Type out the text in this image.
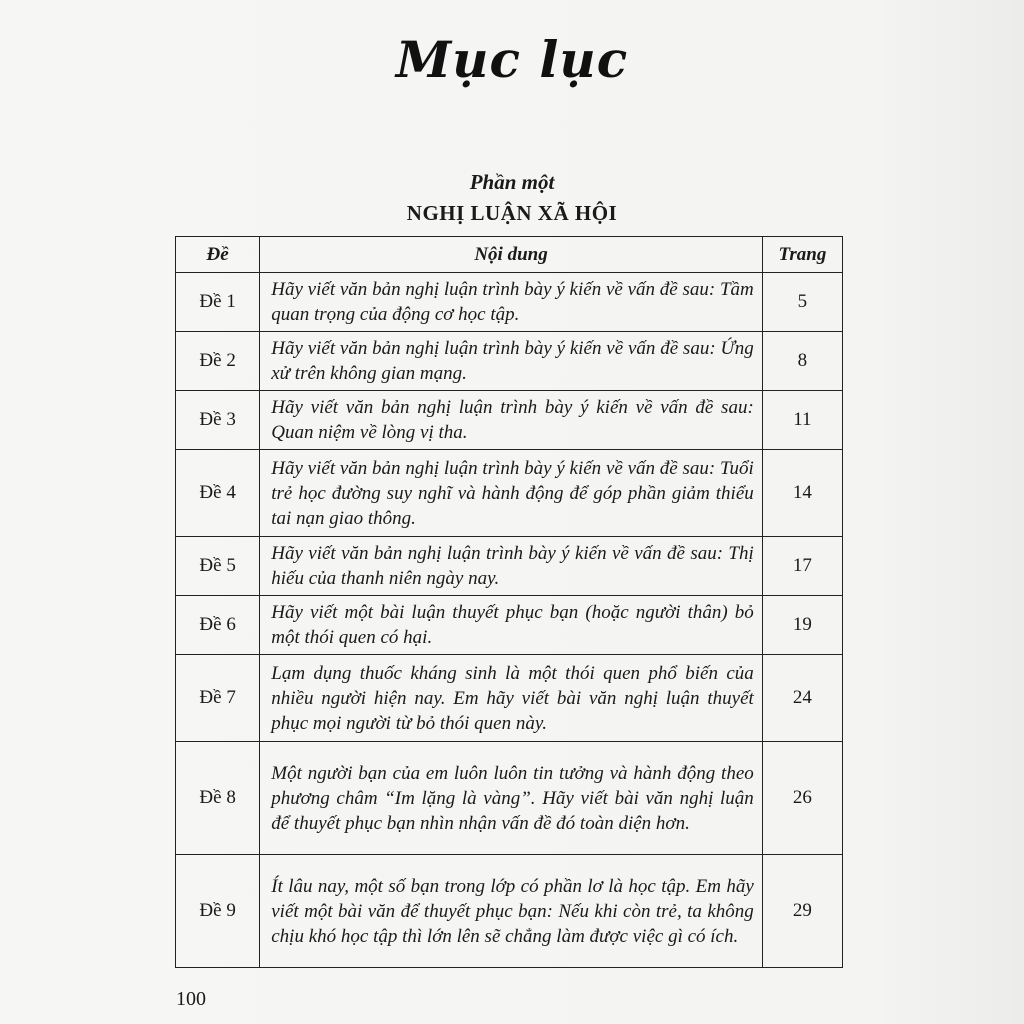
Mục lục
Phần một
NGHỊ LUẬN XÃ HỘI
Đề	Nội dung	Trang
Đề 1	Hãy viết văn bản nghị luận trình bày ý kiến về vấn đề sau: Tầm quan trọng của động cơ học tập.	5
Đề 2	Hãy viết văn bản nghị luận trình bày ý kiến về vấn đề sau: Ứng xử trên không gian mạng.	8
Đề 3	Hãy viết văn bản nghị luận trình bày ý kiến về vấn đề sau: Quan niệm về lòng vị tha.	11
Đề 4	Hãy viết văn bản nghị luận trình bày ý kiến về vấn đề sau: Tuổi trẻ học đường suy nghĩ và hành động để góp phần giảm thiểu tai nạn giao thông.	14
Đề 5	Hãy viết văn bản nghị luận trình bày ý kiến về vấn đề sau: Thị hiếu của thanh niên ngày nay.	17
Đề 6	Hãy viết một bài luận thuyết phục bạn (hoặc người thân) bỏ một thói quen có hại.	19
Đề 7	Lạm dụng thuốc kháng sinh là một thói quen phổ biến của nhiều người hiện nay. Em hãy viết bài văn nghị luận thuyết phục mọi người từ bỏ thói quen này.	24
Đề 8	Một người bạn của em luôn luôn tin tưởng và hành động theo phương châm “Im lặng là vàng”. Hãy viết bài văn nghị luận để thuyết phục bạn nhìn nhận vấn đề đó toàn diện hơn.	26
Đề 9	Ít lâu nay, một số bạn trong lớp có phần lơ là học tập. Em hãy viết một bài văn để thuyết phục bạn: Nếu khi còn trẻ, ta không chịu khó học tập thì lớn lên sẽ chẳng làm được việc gì có ích.	29
100
